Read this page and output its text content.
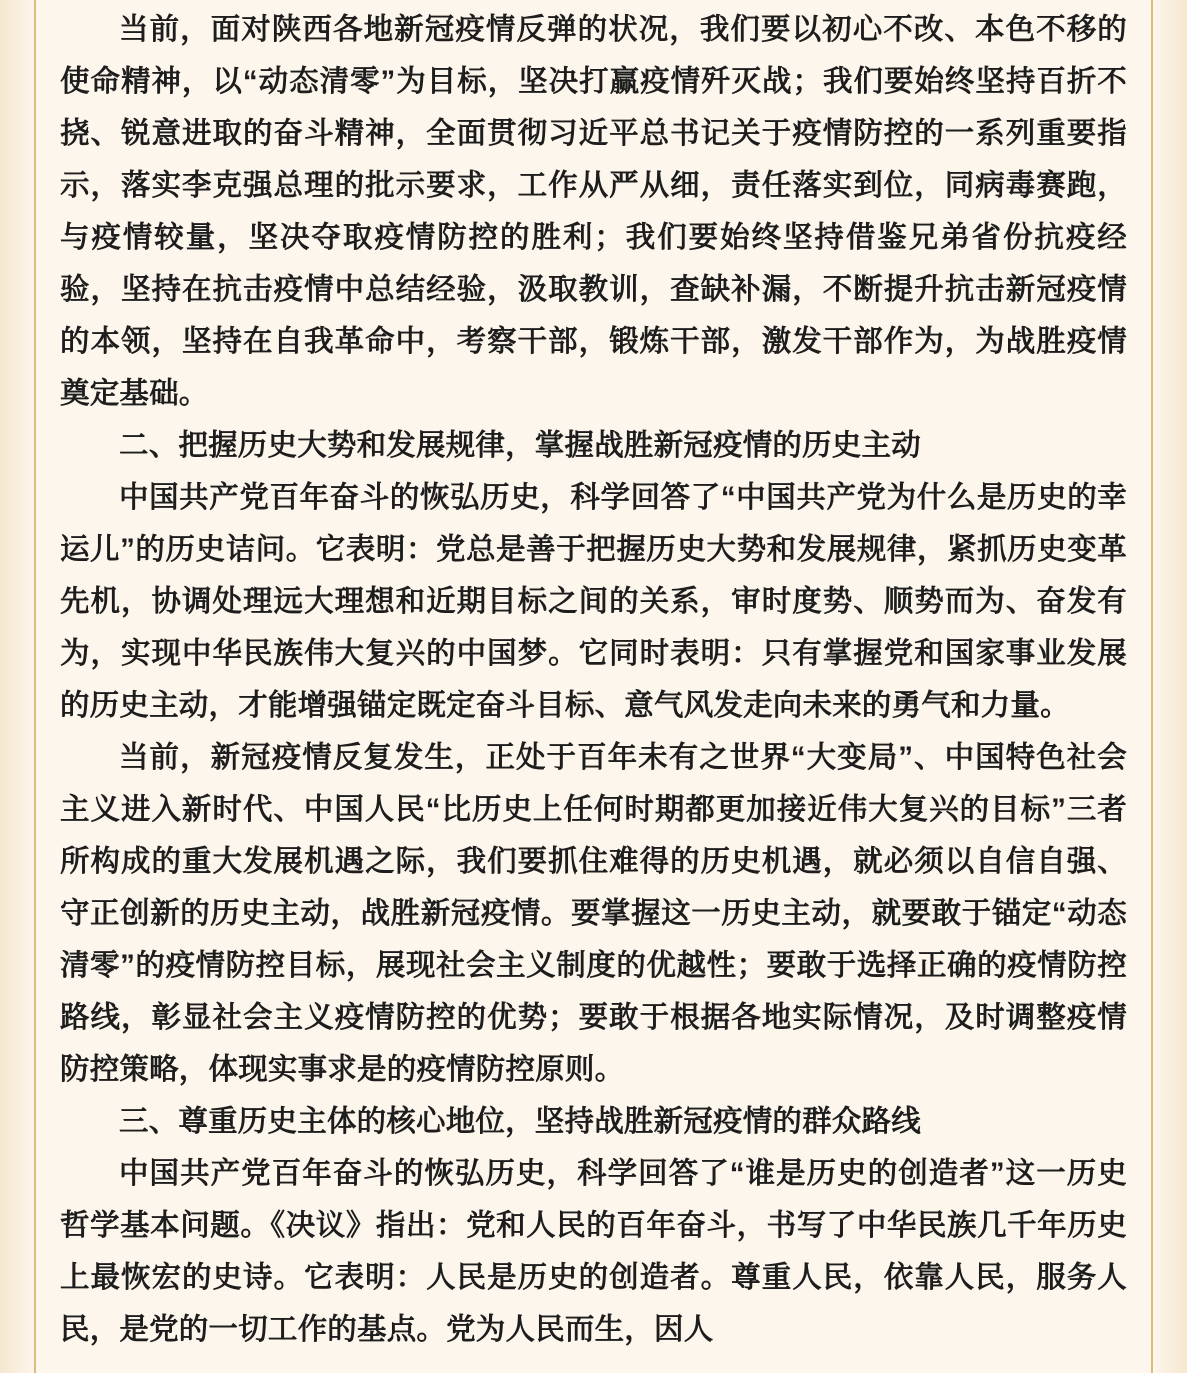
当前，面对陕西各地新冠疫情反弹的状况，我们要以初心不改、本色不移的使命精神，以“动态清零”为目标，坚决打赢疫情歼灭战；我们要始终坚持百折不挠、锐意进取的奋斗精神，全面贯彻习近平总书记关于疫情防控的一系列重要指示，落实李克强总理的批示要求，工作从严从细，责任落实到位，同病毒赛跑，与疫情较量，坚决夺取疫情防控的胜利；我们要始终坚持借鉴兄弟省份抗疫经验，坚持在抗击疫情中总结经验，汲取教训，查缺补漏，不断提升抗击新冠疫情的本领，坚持在自我革命中，考察干部，锻炼干部，激发干部作为，为战胜疫情奠定基础。

二、把握历史大势和发展规律，掌握战胜新冠疫情的历史主动

中国共产党百年奋斗的恢弘历史，科学回答了“中国共产党为什么是历史的幸运儿”的历史诘问。它表明：党总是善于把握历史大势和发展规律，紧抓历史变革先机，协调处理远大理想和近期目标之间的关系，审时度势、顺势而为、奋发有为，实现中华民族伟大复兴的中国梦。它同时表明：只有掌握党和国家事业发展的历史主动，才能增强锚定既定奋斗目标、意气风发走向未来的勇气和力量。

当前，新冠疫情反复发生，正处于百年未有之世界“大变局”、中国特色社会主义进入新时代、中国人民“比历史上任何时期都更加接近伟大复兴的目标”三者所构成的重大发展机遇之际，我们要抓住难得的历史机遇，就必须以自信自强、守正创新的历史主动，战胜新冠疫情。要掌握这一历史主动，就要敢于锚定“动态清零”的疫情防控目标，展现社会主义制度的优越性；要敢于选择正确的疫情防控路线，彰显社会主义疫情防控的优势；要敢于根据各地实际情况，及时调整疫情防控策略，体现实事求是的疫情防控原则。

三、尊重历史主体的核心地位，坚持战胜新冠疫情的群众路线

中国共产党百年奋斗的恢弘历史，科学回答了“谁是历史的创造者”这一历史哲学基本问题。《决议》指出：党和人民的百年奋斗，书写了中华民族几千年历史上最恢宏的史诗。它表明：人民是历史的创造者。尊重人民，依靠人民，服务人民，是党的一切工作的基点。党为人民而生，因人
